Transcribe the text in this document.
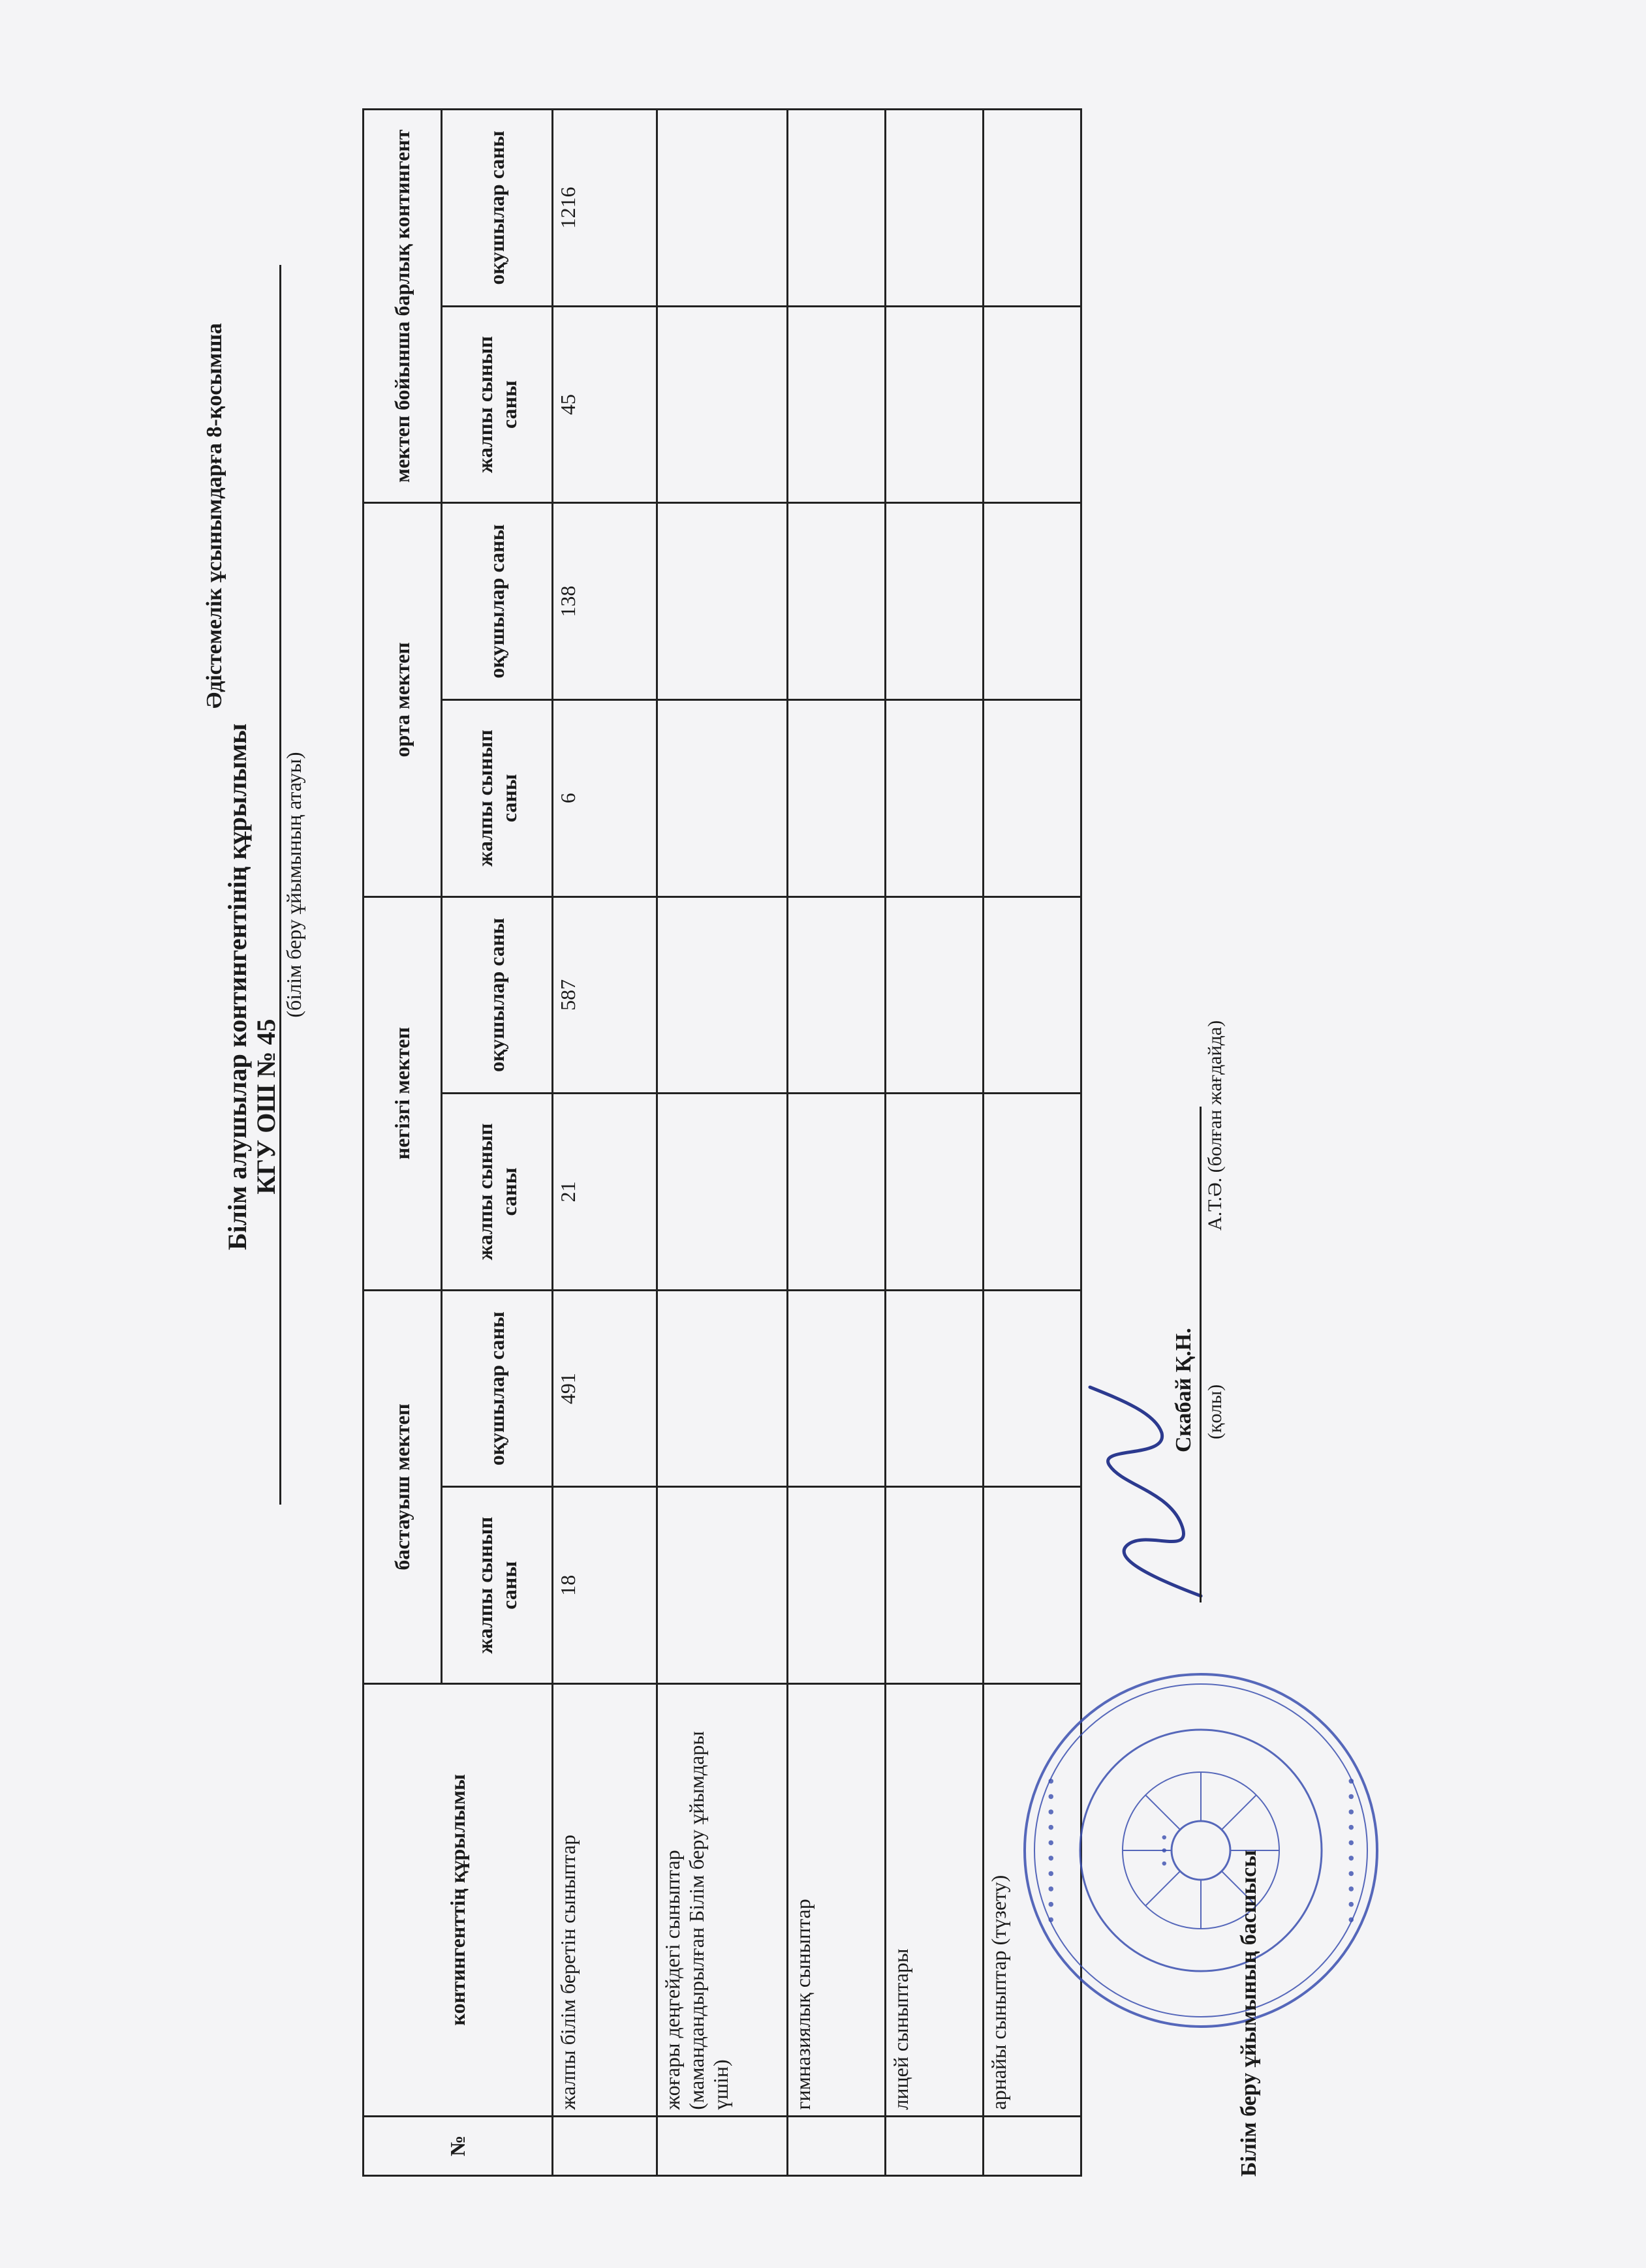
Әдістемелік ұсынымдарға 8-қосымша
Білім алушылар контингентінің құрылымы КГУ ОШ № 45
(білім беру ұйымының атауы)
№	контингенттің құрылымы	бастауыш мектеп		негізгі мектеп		орта мектеп		мектеп бойынша барлық контингент	
		жалпы сынып саны	оқушылар саны	жалпы сынып саны	оқушылар саны	жалпы сынып саны	оқушылар саны	жалпы сынып саны	оқушылар саны
	жалпы білім беретін сыныптар	18	491	21	587	6	138	45	1216
	жоғары деңгейдегі сыныптар (мамандандырылған Білім беру ұйымдары үшін)								
	гимназиялық сыныптар								
	лицей сыныптары								
	арнайы сыныптар (түзету)								
• • • • • • • • • •	• • • • • • • • • •
• • •	Білім беру ұйымының басшысы
Скабай Қ.Н. (қолы)
А.Т.Ә. (болған жағдайда)
